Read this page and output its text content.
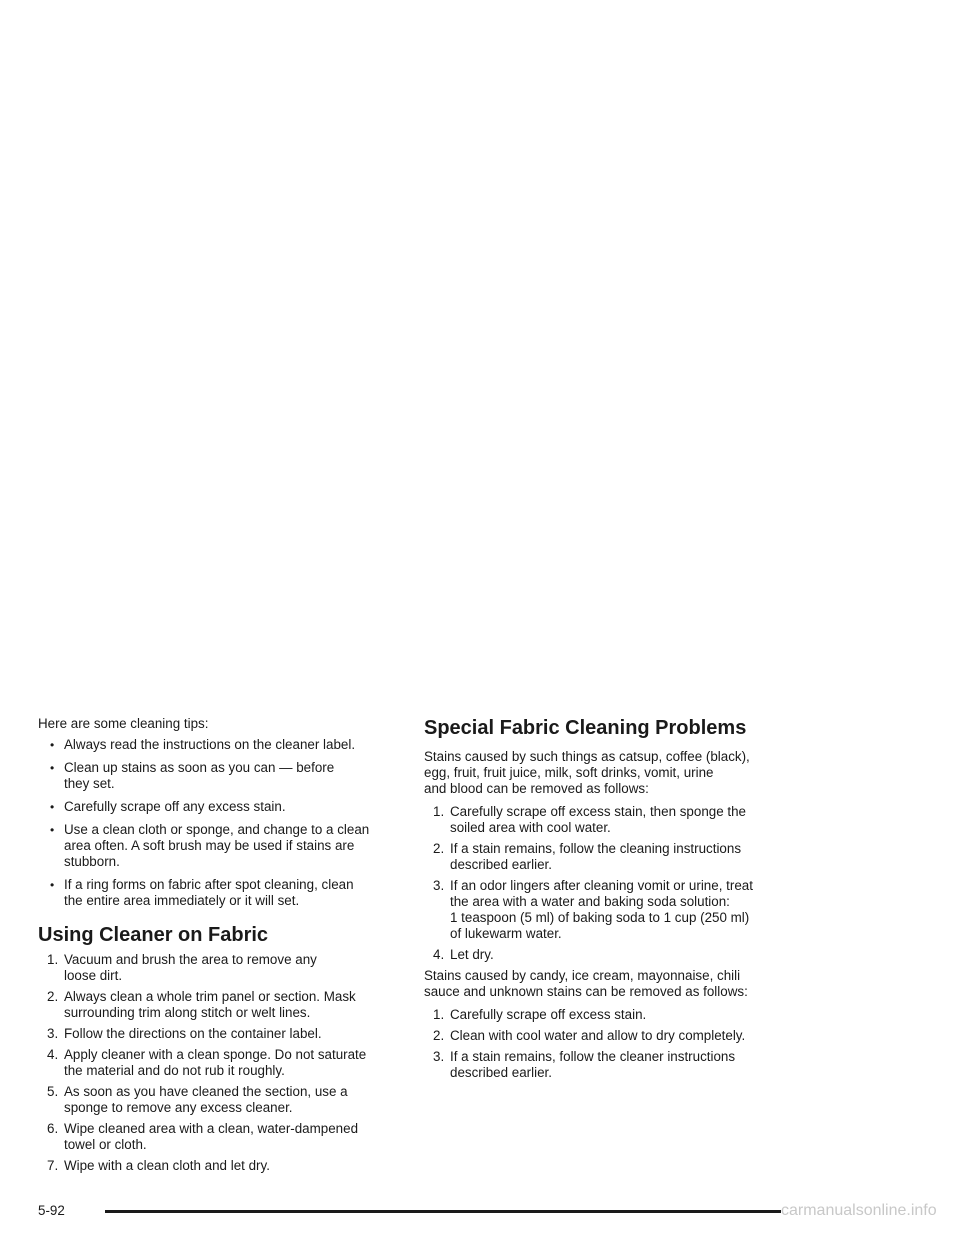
Here are some cleaning tips:

• Always read the instructions on the cleaner label.
• Clean up stains as soon as you can — before
they set.
• Carefully scrape off any excess stain.
• Use a clean cloth or sponge, and change to a clean
area often. A soft brush may be used if stains are
stubborn.
• If a ring forms on fabric after spot cleaning, clean
the entire area immediately or it will set.
Using Cleaner on Fabric
1. Vacuum and brush the area to remove any
loose dirt.
2. Always clean a whole trim panel or section. Mask
surrounding trim along stitch or welt lines.
3. Follow the directions on the container label.
4. Apply cleaner with a clean sponge. Do not saturate
the material and do not rub it roughly.
5. As soon as you have cleaned the section, use a
sponge to remove any excess cleaner.
6. Wipe cleaned area with a clean, water-dampened
towel or cloth.
7. Wipe with a clean cloth and let dry.
Special Fabric Cleaning Problems

Stains caused by such things as catsup, coffee (black),
egg, fruit, fruit juice, milk, soft drinks, vomit, urine
and blood can be removed as follows:

1. Carefully scrape off excess stain, then sponge the
soiled area with cool water.
2. If a stain remains, follow the cleaning instructions
described earlier.
3. If an odor lingers after cleaning vomit or urine, treat
the area with a water and baking soda solution:
1 teaspoon (5 ml) of baking soda to 1 cup (250 ml)
of lukewarm water.
4. Let dry.

Stains caused by candy, ice cream, mayonnaise, chili
sauce and unknown stains can be removed as follows:

1. Carefully scrape off excess stain.
2. Clean with cool water and allow to dry completely.
3. If a stain remains, follow the cleaner instructions
described earlier.
5-92	carmanualsonline.info
